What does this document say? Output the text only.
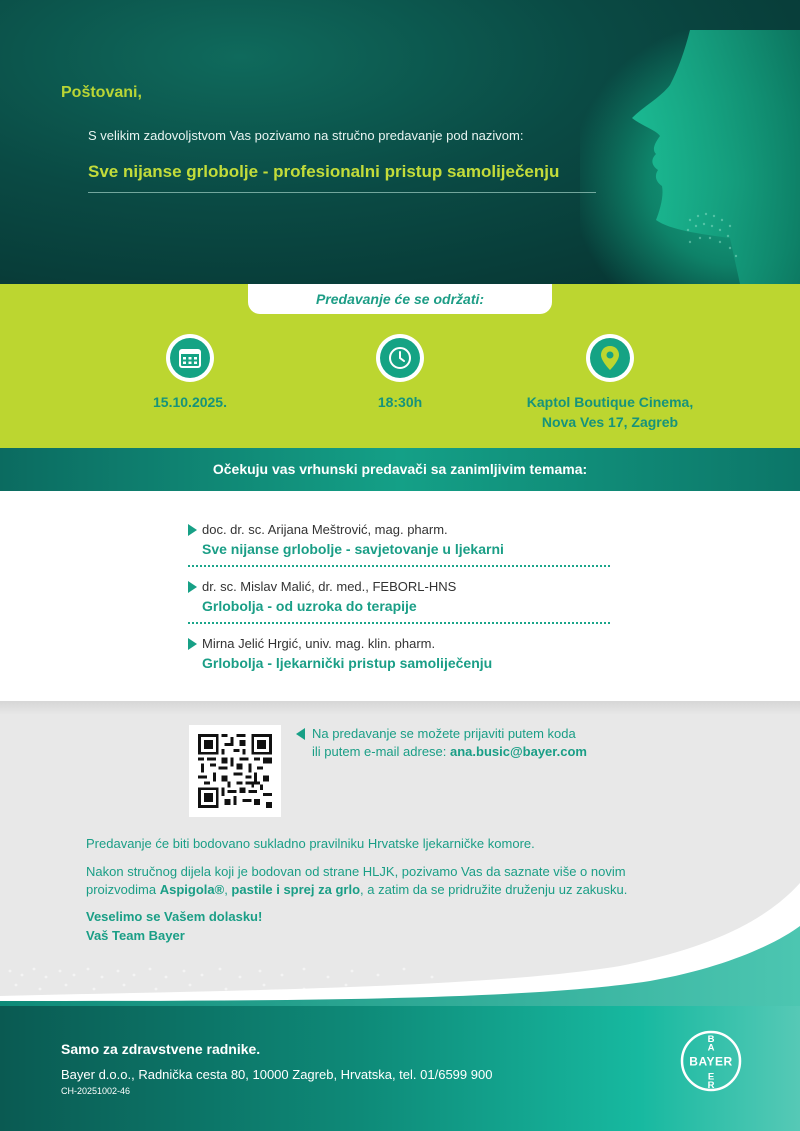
Poštovani,
S velikim zadovoljstvom Vas pozivamo na stručno predavanje pod nazivom:
Sve nijanse grlobolje - profesionalni pristup samoliječenju
Predavanje će se održati:
15.10.2025.	18:30h	Kaptol Boutique Cinema,
Nova Ves 17, Zagreb
Očekuju vas vrhunski predavači sa zanimljivim temama:
doc. dr. sc. Arijana Meštrović, mag. pharm.
Sve nijanse grlobolje - savjetovanje u ljekarni
dr. sc. Mislav Malić, dr. med., FEBORL-HNS
Grlobolja - od uzroka do terapije
Mirna Jelić Hrgić, univ. mag. klin. pharm.
Grlobolja - ljekarnički pristup samoliječenju
Na predavanje se možete prijaviti putem koda
ili putem e-mail adrese: ana.busic@bayer.com
Predavanje će biti bodovano sukladno pravilniku Hrvatske ljekarničke komore.
Nakon stručnog dijela koji je bodovan od strane HLJK, pozivamo Vas da saznate više o novim
proizvodima Aspigola®, pastile i sprej za grlo, a zatim da se pridružite druženju uz zakusku.
Veselimo se Vašem dolasku!
Vaš Team Bayer
Samo za zdravstvene radnike.
Bayer d.o.o., Radnička cesta 80, 10000 Zagreb, Hrvatska, tel. 01/6599 900
CH-20251002-46
BAYER
B
A
E
R
